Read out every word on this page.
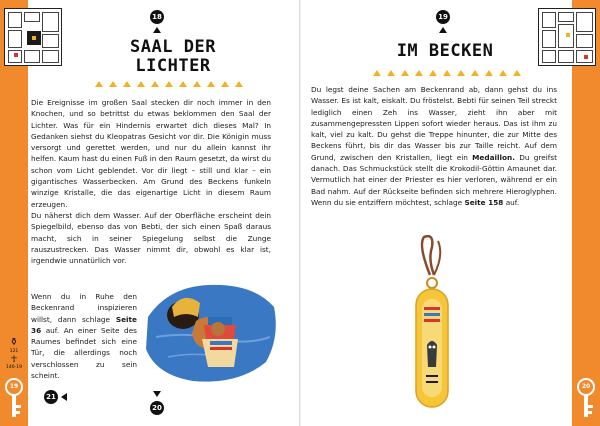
18
SAAL DER
LICHTER

Die Ereignisse im großen Saal stecken dir noch immer in den Knochen, und so betrittst du etwas beklommen den Saal der Lichter. Was für ein Hindernis erwartet dich dieses Mal? In Gedanken siehst du Kleopatras Gesicht vor dir. Die Königin muss versorgt und gerettet werden, und nur du allein kannst ihr helfen. Kaum hast du einen Fuß in den Raum gesetzt, da wirst du schon vom Licht geblendet. Vor dir liegt – still und klar – ein gigantisches Wasserbecken. Am Grund des Beckens funkeln winzige Kristalle, die das eigenartige Licht in diesem Raum erzeugen.

Du näherst dich dem Wasser. Auf der Oberfläche erscheint dein Spiegelbild, ebenso das von Bebti, der sich einen Spaß daraus macht, sich in seiner Spiegelung selbst die Zunge rauszustrecken. Das Wasser nimmt dir, obwohl es klar ist, irgendwie unnatürlich vor.

Wenn du in Ruhe den Beckenrand inspizieren willst, dann schlage Seite 36 auf. An einer Seite des Raumes befindet sich eine Tür, die allerdings noch verschlossen zu sein scheint.

⚱
121
☥
146-19
19
21
20
19
IM BECKEN

Du legst deine Sachen am Beckenrand ab, dann gehst du ins Wasser. Es ist kalt, eiskalt. Du fröstelst. Bebti für seinen Teil streckt lediglich einen Zeh ins Wasser, zieht ihn aber mit zusammengepressten Lippen sofort wieder heraus. Das ist ihm zu kalt, viel zu kalt. Du gehst die Treppe hinunter, die zur Mitte des Beckens führt, bis dir das Wasser bis zur Taille reicht. Auf dem Grund, zwischen den Kristallen, liegt ein Medaillon. Du greifst danach. Das Schmuckstück stellt die Krokodil-Göttin Amaunet dar. Vermutlich hat einer der Priester es hier verloren, während er ein Bad nahm. Auf der Rückseite befinden sich mehrere Hieroglyphen. Wenn du sie entziffern möchtest, schlage Seite 158 auf.

20
